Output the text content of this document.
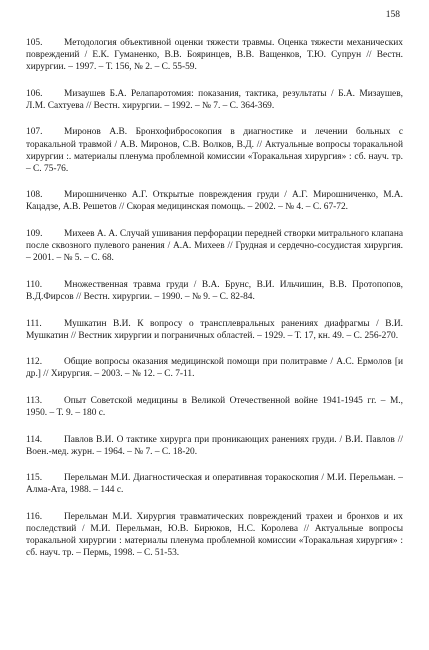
158

105. Методология объективной оценки тяжести травмы. Оценка тяжести механических повреждений / Е.К. Гуманенко, В.В. Бояринцев, В.В. Ващенков, Т.Ю. Супрун // Вестн. хирургии. – 1997. – Т. 156, № 2. – С. 55-59.

106. Мизаушев Б.А. Релапаротомия: показания, тактика, результаты / Б.А. Мизаушев, Л.М. Сахтуева // Вестн. хирургии. – 1992. – № 7. – С. 364-369.

107. Миронов А.В. Бронхофибросокопия в диагностике и лечении больных с торакальной травмой / А.В. Миронов, С.В. Волков, В.Д. // Актуальные вопросы торакальной хирургии :. материалы пленума проблемной комиссии «Торакальная хирургия» : сб. науч. тр. – С. 75-76.

108. Мирошниченко А.Г. Открытые повреждения груди / А.Г. Мирошниченко, М.А. Кацадзе, А.В. Решетов // Скорая медицинская помощь. – 2002. – № 4. – С. 67-72.

109. Михеев А. А. Случай ушивания перфорации передней створки митрального клапана после сквозного пулевого ранения / А.А. Михеев // Грудная и сердечно-сосудистая хирургия. – 2001. – № 5. – С. 68.

110. Множественная травма груди / В.А. Брунс, В.И. Ильчишин, В.В. Протопопов, В.Д.Фирсов // Вестн. хирургии. – 1990. – № 9. – С. 82-84.

111. Мушкатин В.И. К вопросу о трансплевральных ранениях диафрагмы / В.И. Мушкатин // Вестник хирургии и пограничных областей. – 1929. – Т. 17, кн. 49. – С. 256-270.

112. Общие вопросы оказания медицинской помощи при политравме / А.С. Ермолов [и др.] // Хирургия. – 2003. – № 12. – С. 7-11.

113. Опыт Советской медицины в Великой Отечественной войне 1941-1945 гг. – М., 1950. – Т. 9. – 180 с.

114. Павлов В.И. О тактике хирурга при проникающих ранениях груди. / В.И. Павлов // Воен.-мед. журн. – 1964. – № 7. – С. 18-20.

115. Перельман М.И. Диагностическая и оперативная торакоскопия / М.И. Перельман. – Алма-Ата, 1988. – 144 с.

116. Перельман М.И. Хирургия травматических повреждений трахеи и бронхов и их последствий / М.И. Перельман, Ю.В. Бирюков, Н.С. Королева // Актуальные вопросы торакальной хирургии : материалы пленума проблемной комиссии «Торакальная хирургия» : сб. науч. тр. – Пермь, 1998. – С. 51-53.
